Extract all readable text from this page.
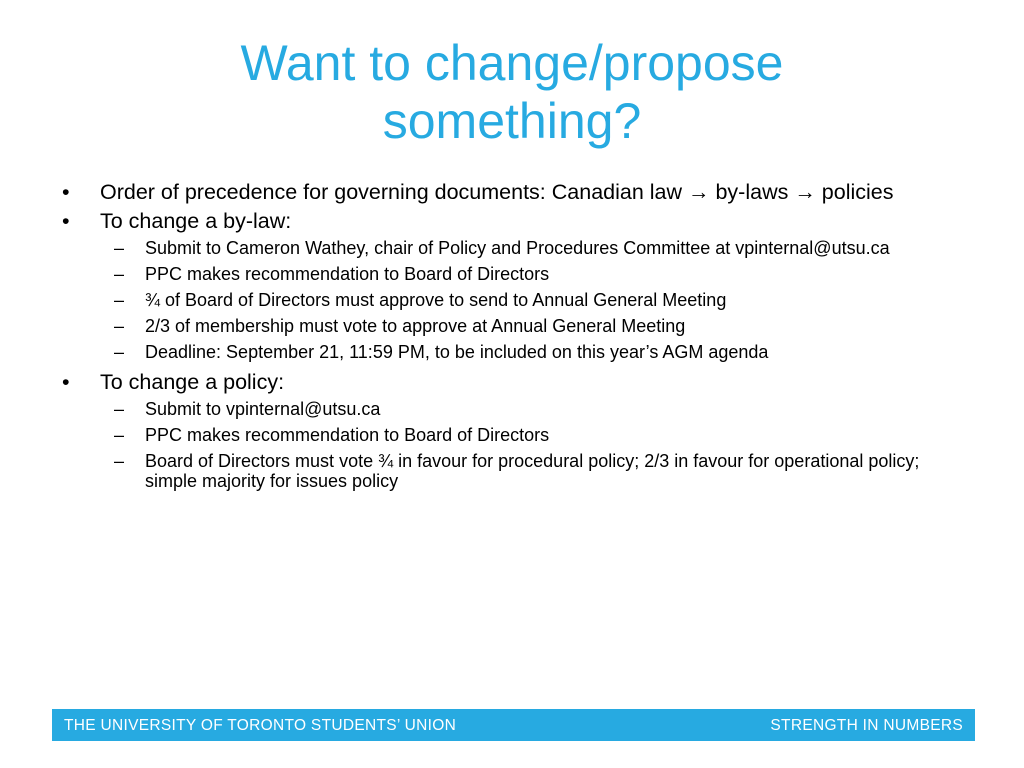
Want to change/propose
something?
•	Order of precedence for governing documents: Canadian law → by-laws → policies
•	To change a by-law:
–	Submit to Cameron Wathey, chair of Policy and Procedures Committee at vpinternal@utsu.ca
–	PPC makes recommendation to Board of Directors
–	¾ of Board of Directors must approve to send to Annual General Meeting
–	2/3 of membership must vote to approve at Annual General Meeting
–	Deadline: September 21, 11:59 PM, to be included on this year’s AGM agenda
•	To change a policy:
–	Submit to vpinternal@utsu.ca
–	PPC makes recommendation to Board of Directors
–	Board of Directors must vote ¾ in favour for procedural policy; 2/3 in favour for operational policy; simple majority for issues policy
THE UNIVERSITY OF TORONTO STUDENTS’ UNION	STRENGTH IN NUMBERS
